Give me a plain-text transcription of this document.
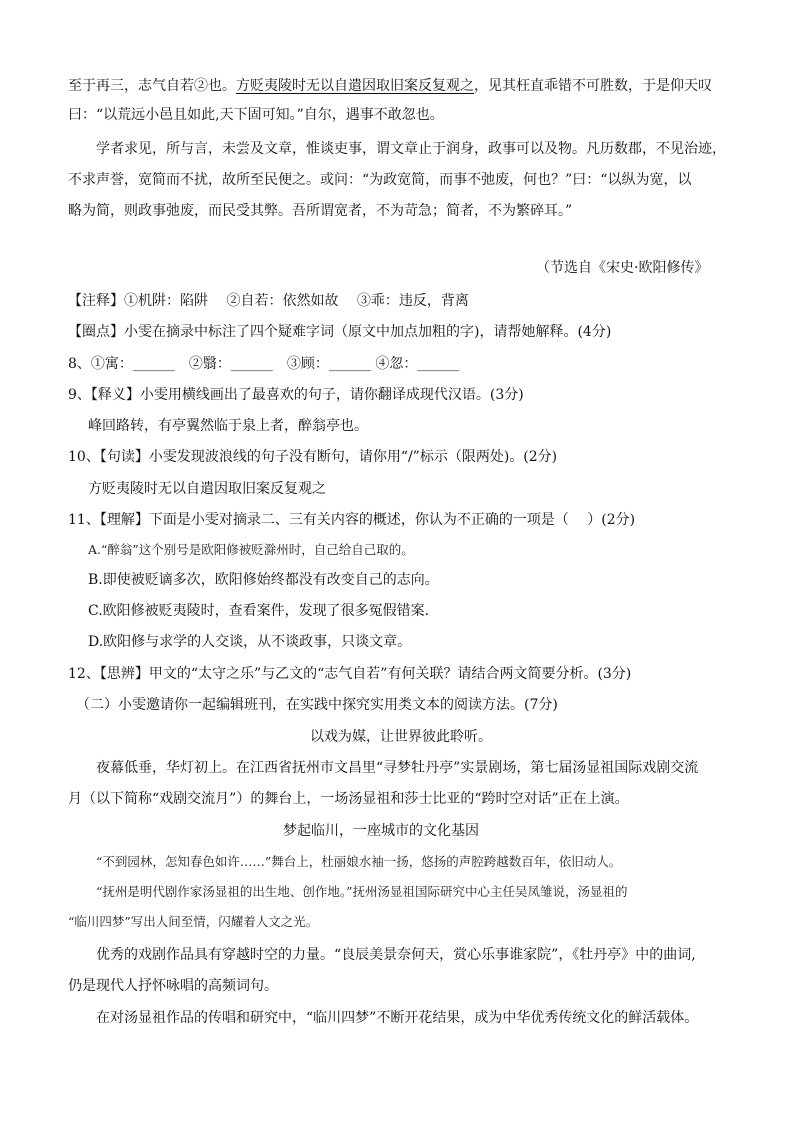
至于再三，志气自若②也。方贬夷陵时无以自遣因取旧案反复观之，见其枉直乖错不可胜数，于是仰天叹
曰：“以荒远小邑且如此,天下固可知。”自尔，遇事不敢忽也。
学者求见，所与言，未尝及文章，惟谈吏事，谓文章止于润身，政事可以及物。凡历数郡，不见治迹，
不求声誉，宽简而不扰，故所至民便之。或问：“为政宽简，而事不弛废，何也？”曰：“以纵为宽，以
略为简，则政事弛废，而民受其弊。吾所谓宽者，不为苛急；简者，不为繁碎耳。”
（节选自《宋史·欧阳修传》
【注释】①机阱：陷阱　 ②自若：依然如故　 ③乖：违反，背离
【圈点】小雯在摘录中标注了四个疑难字词（原文中加点加粗的字)，请帮她解释。(4分)
8、①寓：______　②翳：______　③顾：______ ④忽：______
9、【释义】小雯用横线画出了最喜欢的句子，请你翻译成现代汉语。(3分)
峰回路转，有亭翼然临于泉上者，醉翁亭也。
10、【句读】小雯发现波浪线的句子没有断句，请你用“/”标示（限两处)。(2分)
方贬夷陵时无以自遣因取旧案反复观之
11、【理解】下面是小雯对摘录二、三有关内容的概述，你认为不正确的一项是（　 ）(2分)
A.“醉翁”这个别号是欧阳修被贬滁州时，自己给自己取的。
B.即使被贬谪多次，欧阳修始终都没有改变自己的志向。
C.欧阳修被贬夷陵时，查看案件，发现了很多冤假错案.
D.欧阳修与求学的人交谈，从不谈政事，只谈文章。
12、【思辨】甲文的“太守之乐”与乙文的“志气自若”有何关联？请结合两文简要分析。(3分)
（二）小雯邀请你一起编辑班刊，在实践中探究实用类文本的阅读方法。(7分)
以戏为媒，让世界彼此聆听。
夜幕低垂，华灯初上。在江西省抚州市文昌里“寻梦牡丹亭”实景剧场，第七届汤显祖国际戏剧交流
月（以下简称“戏剧交流月”）的舞台上，一场汤显祖和莎士比亚的“跨时空对话”正在上演。
梦起临川，一座城市的文化基因
“不到园林，怎知春色如许……”舞台上，杜丽娘水袖一扬，悠扬的声腔跨越数百年，依旧动人。
“抚州是明代剧作家汤显祖的出生地、创作地。”抚州汤显祖国际研究中心主任吴凤雏说，汤显祖的
“临川四梦”写出人间至情，闪耀着人文之光。
优秀的戏剧作品具有穿越时空的力量。“良辰美景奈何天，赏心乐事谁家院”，《牡丹亭》中的曲词,
仍是现代人抒怀咏唱的高频词句。
在对汤显祖作品的传唱和研究中，“临川四梦”不断开花结果，成为中华优秀传统文化的鲜活载体。
